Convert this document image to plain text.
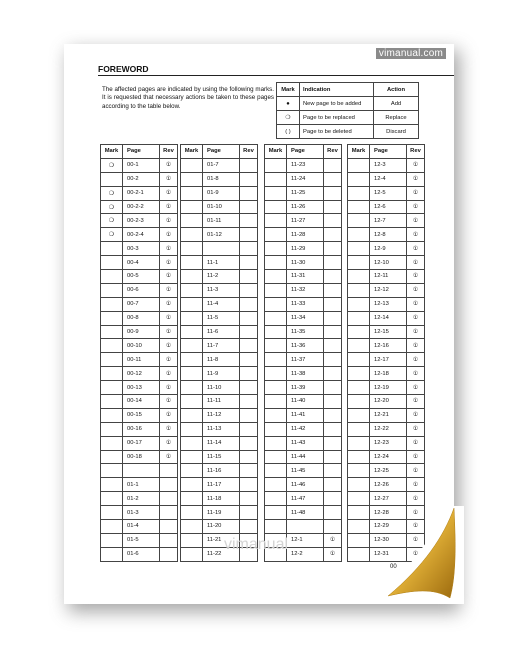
vimanual.com
FOREWORD
The affected pages are indicated by using the following marks. It is requested that necessary actions be taken to these pages according to the table below.
Mark	Indication	Action
●	New page to be added	Add
❍	Page to be replaced	Replace
( )	Page to be deleted	Discard
Mark	Page	Rev
❍	00-1	①
	00-2	①
❍	00-2-1	①
❍	00-2-2	①
❍	00-2-3	①
❍	00-2-4	①
	00-3	①
	00-4	①
	00-5	①
	00-6	①
	00-7	①
	00-8	①
	00-9	①
	00-10	①
	00-11	①
	00-12	①
	00-13	①
	00-14	①
	00-15	①
	00-16	①
	00-17	①
	00-18	①

	01-1	
	01-2	
	01-3	
	01-4	
	01-5	
	01-6	
Mark	Page	Rev
	01-7	
	01-8	
	01-9	
	01-10	
	01-11	
	01-12	

	11-1	
	11-2	
	11-3	
	11-4	
	11-5	
	11-6	
	11-7	
	11-8	
	11-9	
	11-10	
	11-11	
	11-12	
	11-13	
	11-14	
	11-15	
	11-16	
	11-17	
	11-18	
	11-19	
	11-20	
	11-21	
	11-22	
Mark	Page	Rev
	11-23	
	11-24	
	11-25	
	11-26	
	11-27	
	11-28	
	11-29	
	11-30	
	11-31	
	11-32	
	11-33	
	11-34	
	11-35	
	11-36	
	11-37	
	11-38	
	11-39	
	11-40	
	11-41	
	11-42	
	11-43	
	11-44	
	11-45	
	11-46	
	11-47	
	11-48	

	12-1	①
	12-2	①
Mark	Page	Rev
	12-3	①
	12-4	①
	12-5	①
	12-6	①
	12-7	①
	12-8	①
	12-9	①
	12-10	①
	12-11	①
	12-12	①
	12-13	①
	12-14	①
	12-15	①
	12-16	①
	12-17	①
	12-18	①
	12-19	①
	12-20	①
	12-21	①
	12-22	①
	12-23	①
	12-24	①
	12-25	①
	12-26	①
	12-27	①
	12-28	①
	12-29	①
	12-30	①
	12-31	①
vimanual
00
